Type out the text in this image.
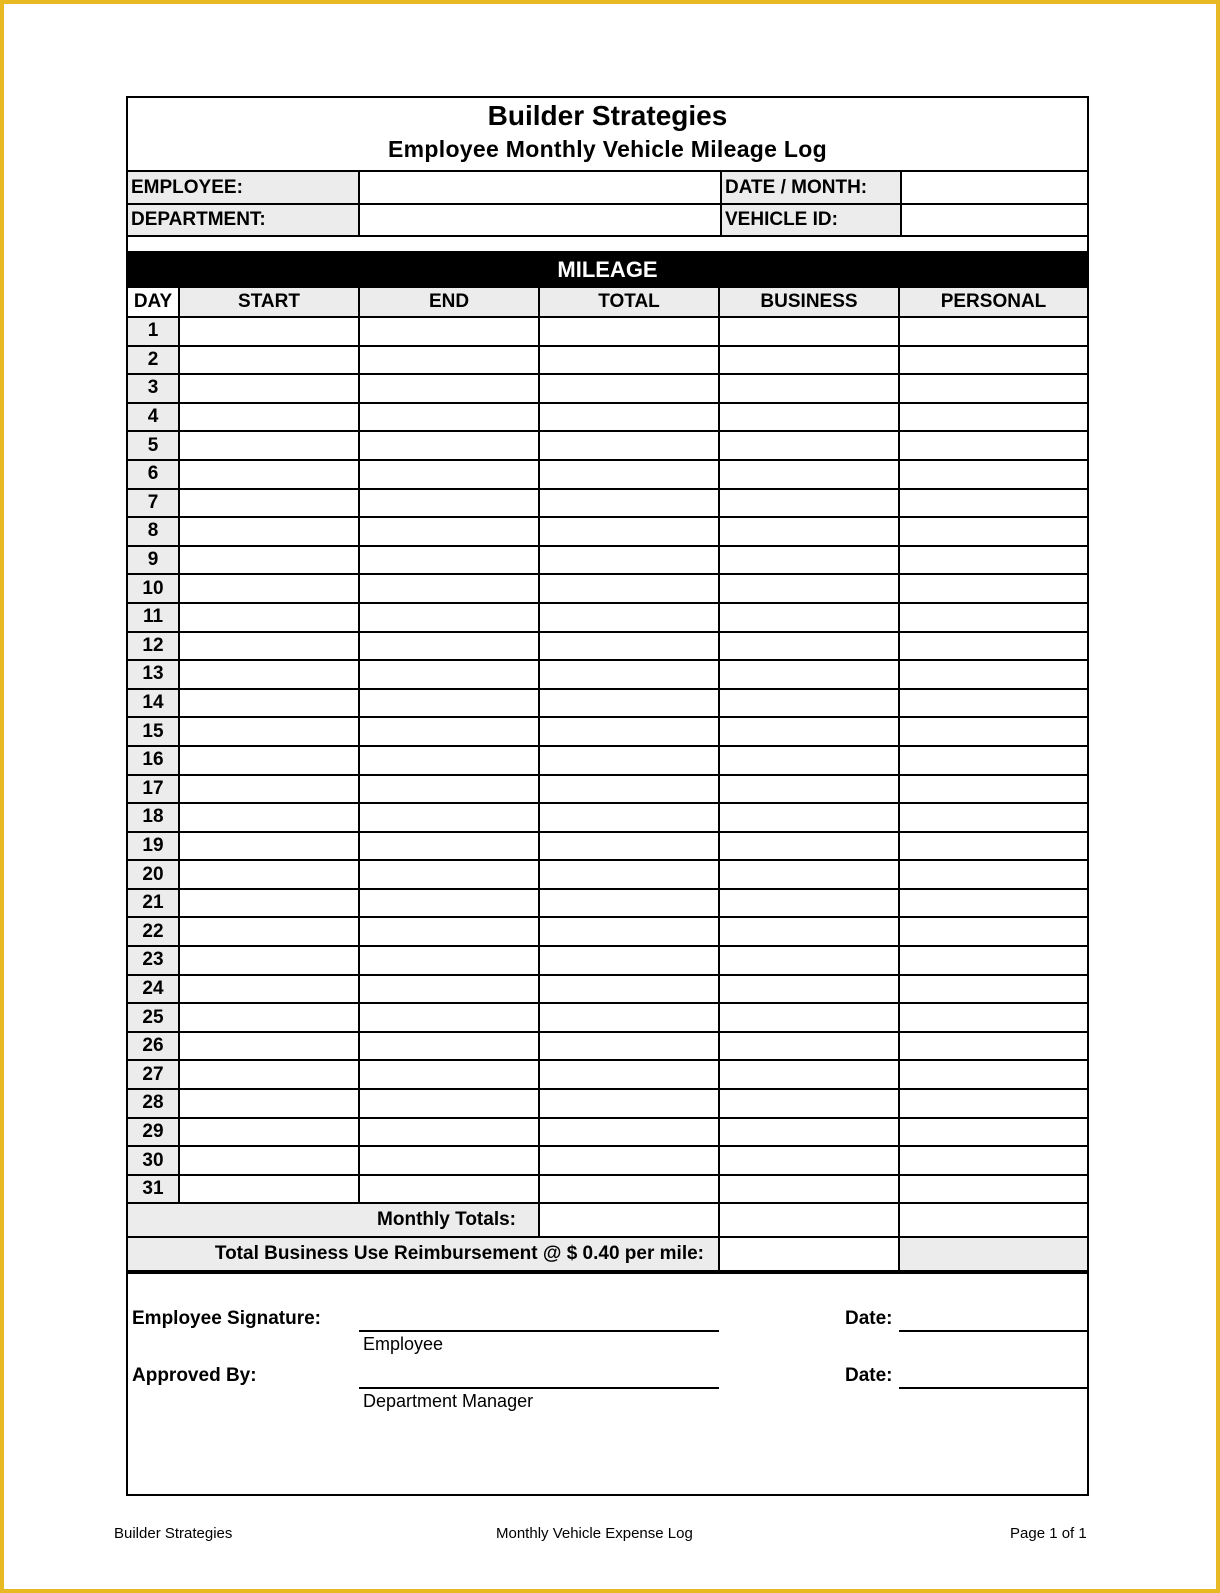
Builder Strategies
Employee Monthly Vehicle Mileage Log
EMPLOYEE:		DATE / MONTH:	
DEPARTMENT:		VEHICLE ID:	
MILEAGE
DAY	START	END	TOTAL	BUSINESS	PERSONAL
1					
2					
3					
4					
5					
6					
7					
8					
9					
10					
11					
12					
13					
14					
15					
16					
17					
18					
19					
20					
21					
22					
23					
24					
25					
26					
27					
28					
29					
30					
31					
Monthly Totals:					
Total Business Use Reimbursement @ $ 0.40 per mile:					
Employee Signature:
Employee
Date:
Approved By:
Department Manager
Date:
Builder Strategies	Monthly Vehicle Expense Log	Page 1 of 1
